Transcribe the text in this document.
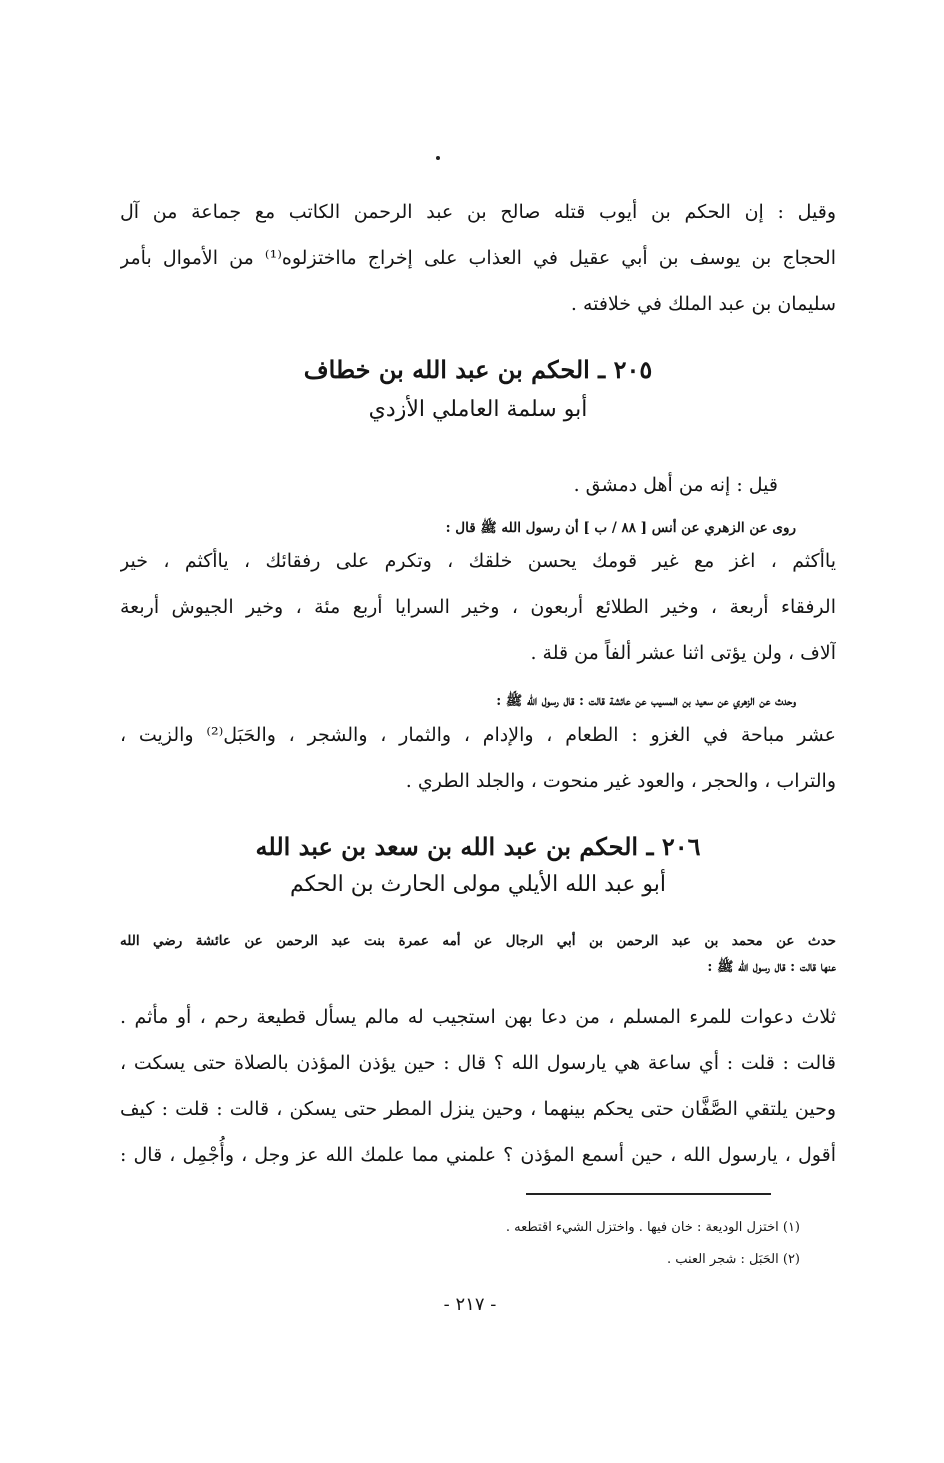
وقيل : إن الحكم بن أيوب قتله صالح بن عبد الرحمن الكاتب مع جماعة من آل
الحجاج بن يوسف بن أبي عقيل في العذاب على إخراج مااختزلوه⁽¹⁾ من الأموال بأمر
سليمان بن عبد الملك في خلافته .
٢٠٥ ـ الحكم بن عبد الله بن خطاف
أبو سلمة العاملي الأزدي
قيل : إنه من أهل دمشق .
روى عن الزهري عن أنس [ ٨٨ / ب ] أن رسول الله ﷺ قال :
ياأكثم ، اغز مع غير قومك يحسن خلقك ، وتكرم على رفقائك ، ياأكثم ، خير
الرفقاء أربعة ، وخير الطلائع أربعون ، وخير السرايا أربع مئة ، وخير الجيوش أربعة
آلاف ، ولن يؤتى اثنا عشر ألفاً من قلة .
وحدث عن الزهري عن سعيد بن المسيب عن عائشة قالت : قال رسول الله ﷺ :
عشر مباحة في الغزو : الطعام ، والإدام ، والثمار ، والشجر ، والحَبَل⁽²⁾ والزيت ،
والتراب ، والحجر ، والعود غير منحوت ، والجلد الطري .
٢٠٦ ـ الحكم بن عبد الله بن سعد بن عبد الله
أبو عبد الله الأيلي مولى الحارث بن الحكم
حدث عن محمد بن عبد الرحمن بن أبي الرجال عن أمه عمرة بنت عبد الرحمن عن عائشة رضي الله
عنها قالت : قال رسول الله ﷺ :
ثلاث دعوات للمرء المسلم ، من دعا بهن استجيب له مالم يسأل قطيعة رحم ، أو مأثم .
قالت : قلت : أي ساعة هي يارسول الله ؟ قال : حين يؤذن المؤذن بالصلاة حتى يسكت ،
وحين يلتقي الصَّفَّان حتى يحكم بينهما ، وحين ينزل المطر حتى يسكن ، قالت : قلت : كيف
أقول ، يارسول الله ، حين أسمع المؤذن ؟ علمني مما علمك الله عز وجل ، وأُجْمِل ، قال :
(١) اختزل الوديعة : خان فيها . واختزل الشيء اقتطعه .
(٢) الحَبَل : شجر العنب .
- ٢١٧ -
